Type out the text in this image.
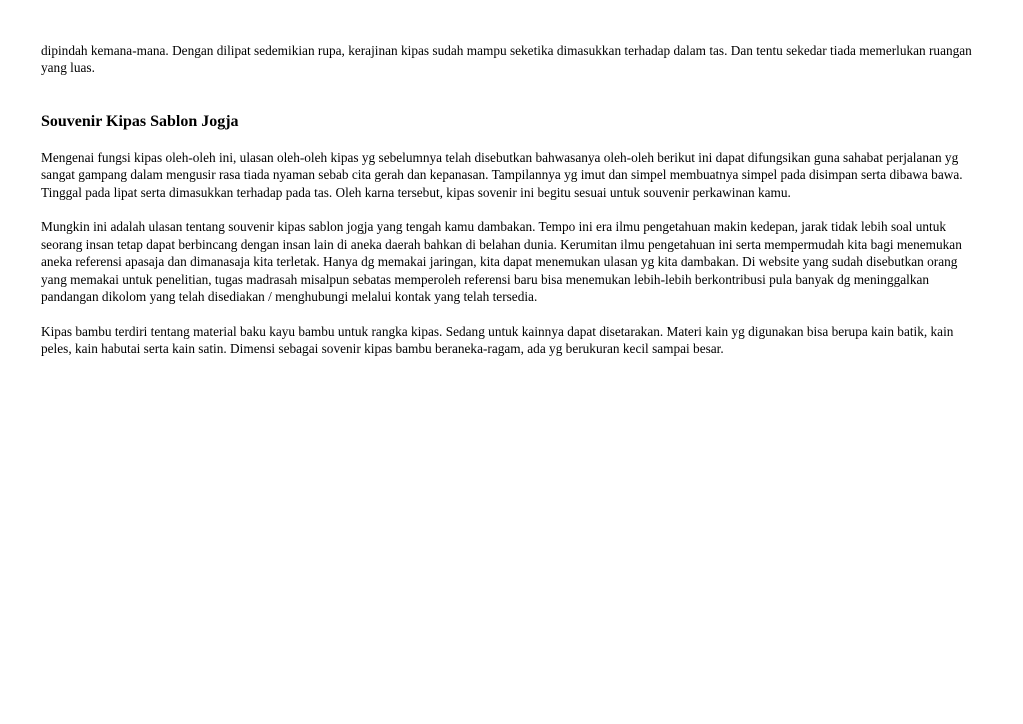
dipindah kemana-mana. Dengan dilipat sedemikian rupa, kerajinan kipas sudah mampu seketika dimasukkan terhadap dalam tas. Dan tentu sekedar tiada memerlukan ruangan yang luas.

Souvenir Kipas Sablon Jogja

Mengenai fungsi kipas oleh-oleh ini, ulasan oleh-oleh kipas yg sebelumnya telah disebutkan bahwasanya oleh-oleh berikut ini dapat difungsikan guna sahabat perjalanan yg sangat gampang dalam mengusir rasa tiada nyaman sebab cita gerah dan kepanasan. Tampilannya yg imut dan simpel membuatnya simpel pada disimpan serta dibawa bawa. Tinggal pada lipat serta dimasukkan terhadap pada tas. Oleh karna tersebut, kipas sovenir ini begitu sesuai untuk souvenir perkawinan kamu.

Mungkin ini adalah ulasan tentang souvenir kipas sablon jogja yang tengah kamu dambakan. Tempo ini era ilmu pengetahuan makin kedepan, jarak tidak lebih soal untuk seorang insan tetap dapat berbincang dengan insan lain di aneka daerah bahkan di belahan dunia. Kerumitan ilmu pengetahuan ini serta mempermudah kita bagi menemukan aneka referensi apasaja dan dimanasaja kita terletak. Hanya dg memakai jaringan, kita dapat menemukan ulasan yg kita dambakan. Di website yang sudah disebutkan orang yang memakai untuk penelitian, tugas madrasah misalpun sebatas memperoleh referensi baru bisa menemukan lebih-lebih berkontribusi pula banyak dg meninggalkan pandangan dikolom yang telah disediakan / menghubungi melalui kontak yang telah tersedia.

Kipas bambu terdiri tentang material baku kayu bambu untuk rangka kipas. Sedang untuk kainnya dapat disetarakan. Materi kain yg digunakan bisa berupa kain batik, kain peles, kain habutai serta kain satin. Dimensi sebagai sovenir kipas bambu beraneka-ragam, ada yg berukuran kecil sampai besar.
